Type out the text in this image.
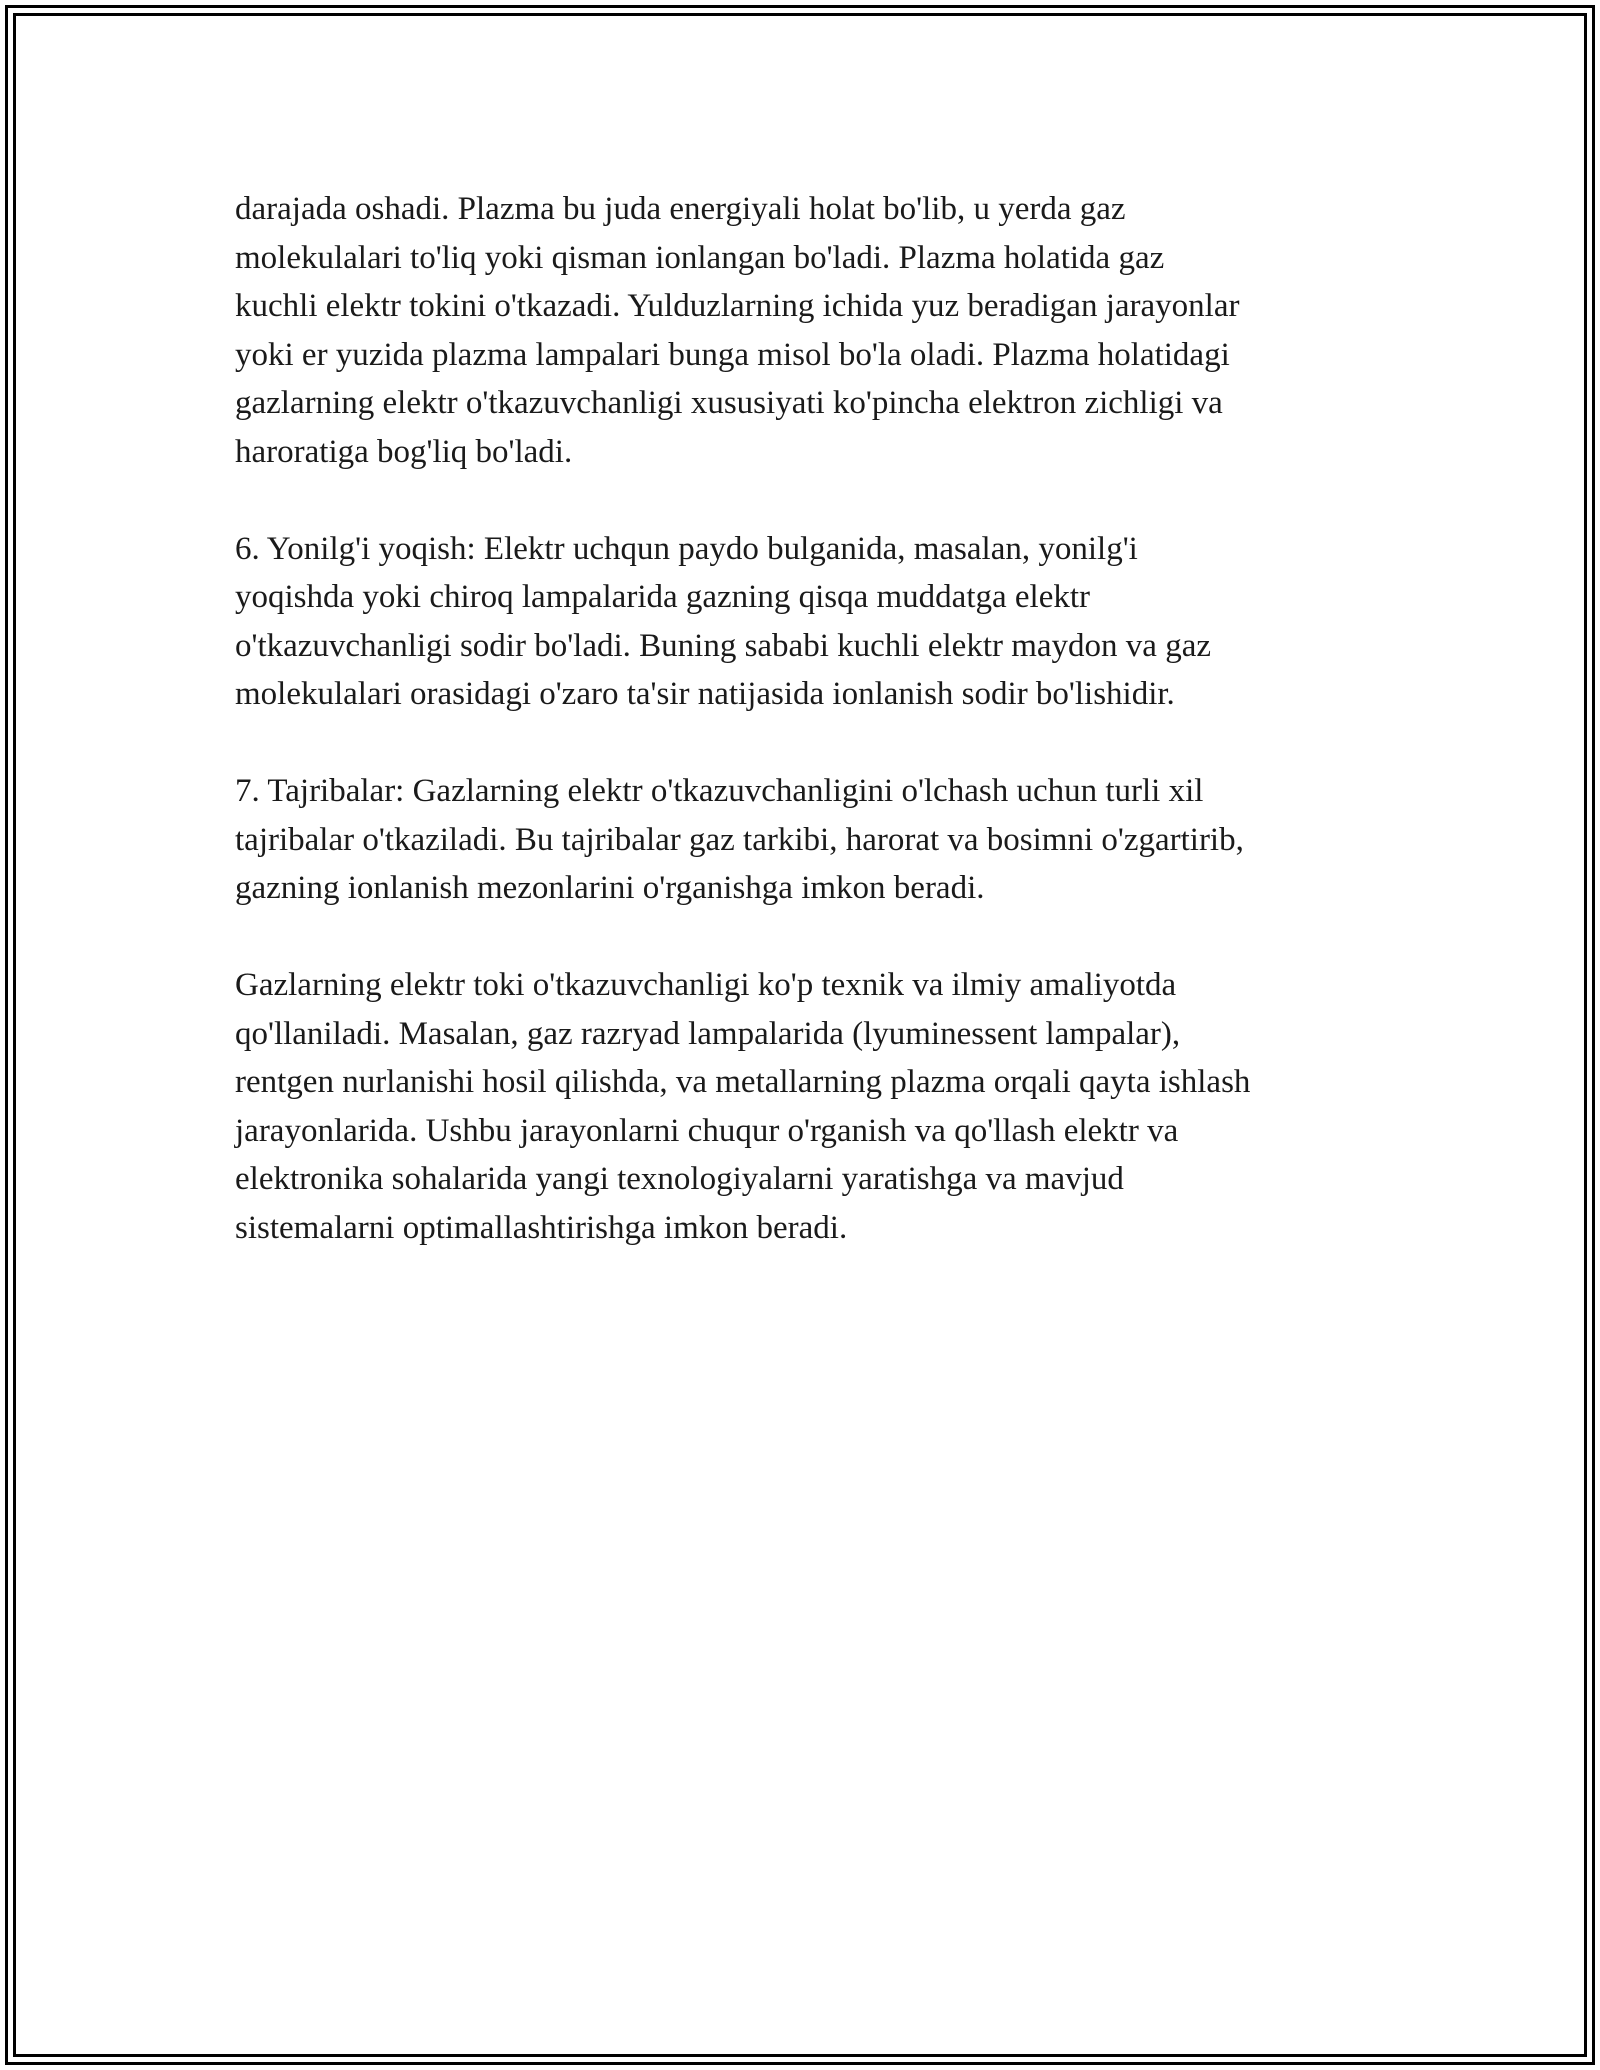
darajada oshadi. Plazma bu juda energiyali holat bo'lib, u yerda gaz
molekulalari to'liq yoki qisman ionlangan bo'ladi. Plazma holatida gaz
kuchli elektr tokini o'tkazadi. Yulduzlarning ichida yuz beradigan jarayonlar
yoki er yuzida plazma lampalari bunga misol bo'la oladi. Plazma holatidagi
gazlarning elektr o'tkazuvchanligi xususiyati ko'pincha elektron zichligi va
haroratiga bog'liq bo'ladi.

6. Yonilg'i yoqish: Elektr uchqun paydo bulganida, masalan, yonilg'i
yoqishda yoki chiroq lampalarida gazning qisqa muddatga elektr
o'tkazuvchanligi sodir bo'ladi. Buning sababi kuchli elektr maydon va gaz
molekulalari orasidagi o'zaro ta'sir natijasida ionlanish sodir bo'lishidir.

7. Tajribalar: Gazlarning elektr o'tkazuvchanligini o'lchash uchun turli xil
tajribalar o'tkaziladi. Bu tajribalar gaz tarkibi, harorat va bosimni o'zgartirib,
gazning ionlanish mezonlarini o'rganishga imkon beradi.

Gazlarning elektr toki o'tkazuvchanligi ko'p texnik va ilmiy amaliyotda
qo'llaniladi. Masalan, gaz razryad lampalarida (lyuminessent lampalar),
rentgen nurlanishi hosil qilishda, va metallarning plazma orqali qayta ishlash
jarayonlarida. Ushbu jarayonlarni chuqur o'rganish va qo'llash elektr va
elektronika sohalarida yangi texnologiyalarni yaratishga va mavjud
sistemalarni optimallashtirishga imkon beradi.
